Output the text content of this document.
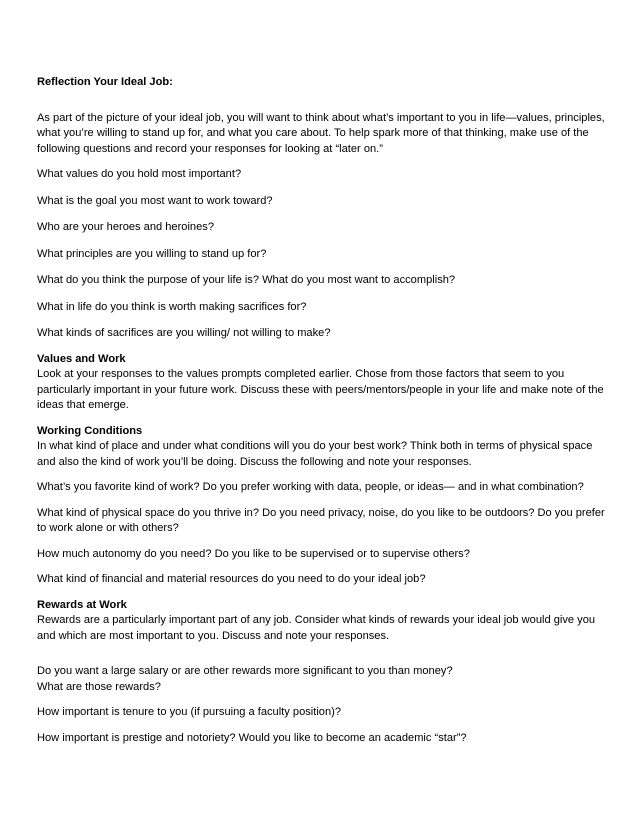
Reflection Your Ideal Job:

As part of the picture of your ideal job, you will want to think about what’s important to you in life—values, principles, what you’re willing to stand up for, and what you care about. To help spark more of that thinking, make use of the following questions and record your responses for looking at “later on.”

What values do you hold most important?

What is the goal you most want to work toward?

Who are your heroes and heroines?

What principles are you willing to stand up for?

What do you think the purpose of your life is? What do you most want to accomplish?

What in life do you think is worth making sacrifices for?

What kinds of sacrifices are you willing/ not willing to make?

Values and Work

Look at your responses to the values prompts completed earlier. Chose from those factors that seem to you particularly important in your future work. Discuss these with peers/mentors/people in your life and make note of the ideas that emerge.

Working Conditions

In what kind of place and under what conditions will you do your best work? Think both in terms of physical space and also the kind of work you’ll be doing. Discuss the following and note your responses.

What’s you favorite kind of work? Do you prefer working with data, people, or ideas— and in what combination?

What kind of physical space do you thrive in? Do you need privacy, noise, do you like to be outdoors? Do you prefer to work alone or with others?

How much autonomy do you need? Do you like to be supervised or to supervise others?

What kind of financial and material resources do you need to do your ideal job?

Rewards at Work

Rewards are a particularly important part of any job. Consider what kinds of rewards your ideal job would give you and which are most important to you. Discuss and note your responses.

Do you want a large salary or are other rewards more significant to you than money?

What are those rewards?

How important is tenure to you (if pursuing a faculty position)?

How important is prestige and notoriety? Would you like to become an academic “star”?
